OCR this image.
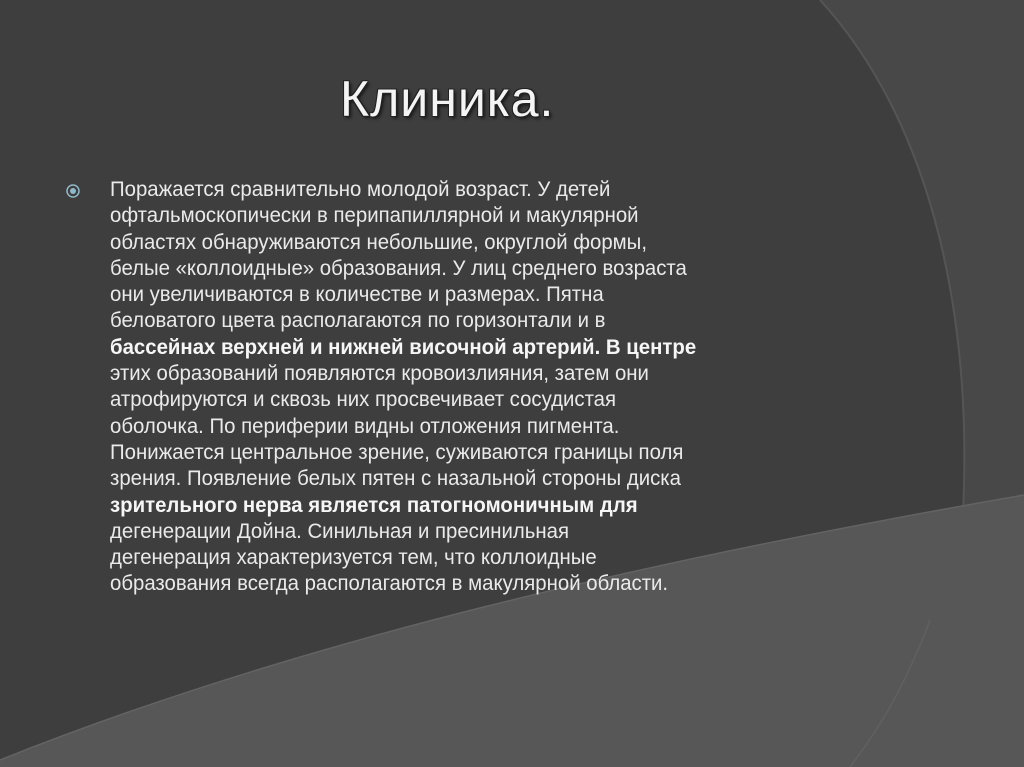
Клиника.
Поражается сравнительно молодой возраст. У детей
офтальмоскопически в перипапиллярной и макулярной
областях обнаруживаются небольшие, округлой формы,
белые «коллоидные» образования. У лиц среднего возраста
они увеличиваются в количестве и размерах. Пятна
беловатого цвета располагаются по горизонтали и в
бассейнах верхней и нижней височной артерий. В центре
этих образований появляются кровоизлияния, затем они
атрофируются и сквозь них просвечивает сосудистая
оболочка. По периферии видны отложения пигмента.
Понижается центральное зрение, суживаются границы поля
зрения. Появление белых пятен с назальной стороны диска
зрительного нерва является патогномоничным для
дегенерации Дойна. Синильная и пресинильная
дегенерация характеризуется тем, что коллоидные
образования всегда располагаются в макулярной области.
